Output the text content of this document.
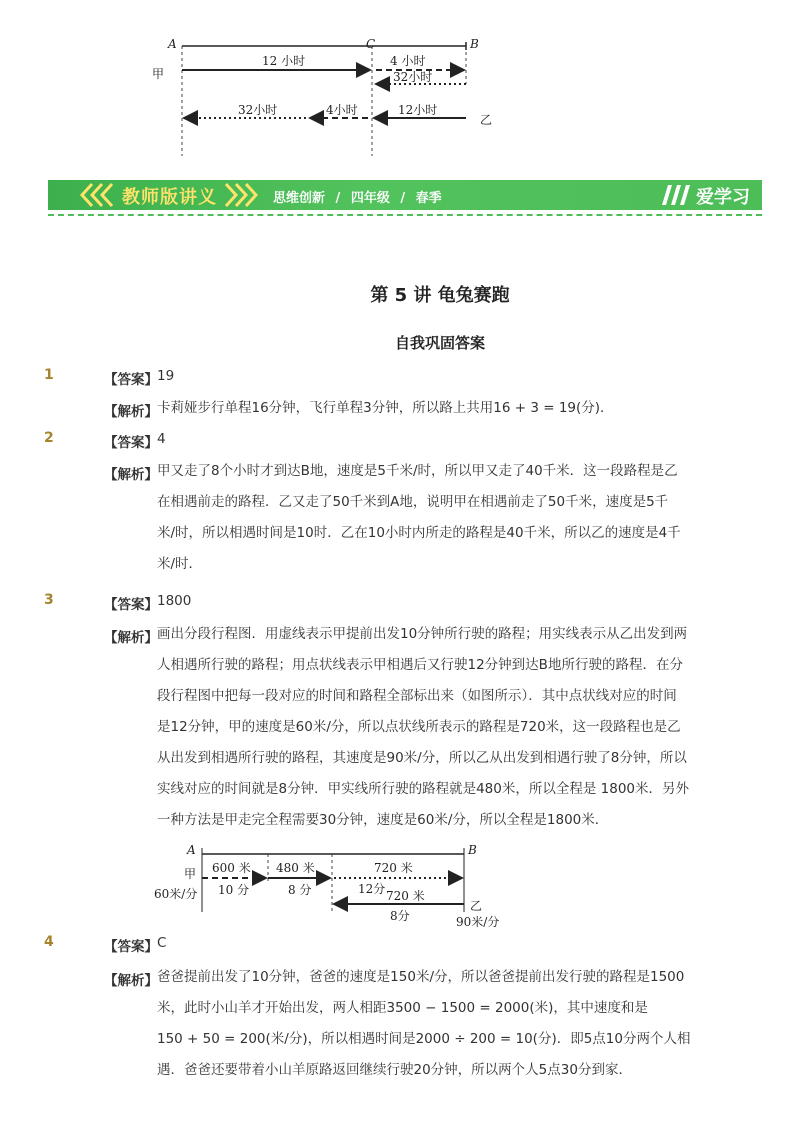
A	C	B
甲
乙
12 小时	4 小时
32小时
12小时
4小时
32小时
教师版讲义	思维创新 / 四年级 / 春季	爱学习
第 5 讲 龟兔赛跑
自我巩固答案
1	【答案】 19
【解析】 卡莉娅步行单程16分钟，飞行单程3分钟，所以路上共用16 + 3 = 19(分)．
2	【答案】 4
【解析】 甲又走了8个小时才到达B地，速度是5千米/时，所以甲又走了40千米．这一段路程是乙
在相遇前走的路程．乙又走了50千米到A地，说明甲在相遇前走了50千米，速度是5千
米/时，所以相遇时间是10时．乙在10小时内所走的路程是40千米，所以乙的速度是4千
米/时．
3	【答案】 1800
【解析】 画出分段行程图．用虚线表示甲提前出发10分钟所行驶的路程；用实线表示从乙出发到两
人相遇所行驶的路程；用点状线表示甲相遇后又行驶12分钟到达B地所行驶的路程．在分
段行程图中把每一段对应的时间和路程全部标出来（如图所示）．其中点状线对应的时间
是12分钟，甲的速度是60米/分，所以点状线所表示的路程是720米，这一段路程也是乙
从出发到相遇所行驶的路程，其速度是90米/分，所以乙从出发到相遇行驶了8分钟，所以
实线对应的时间就是8分钟．甲实线所行驶的路程就是480米，所以全程是 1800米．另外
一种方法是甲走完全程需要30分钟，速度是60米/分，所以全程是1800米．
A	B
甲
60米/分
乙
90米/分
600 米
10 分
480 米
8 分
720 米
12分 720 米
8分
4	【答案】 C
【解析】 爸爸提前出发了10分钟，爸爸的速度是150米/分，所以爸爸提前出发行驶的路程是1500
米，此时小山羊才开始出发，两人相距3500 − 1500 = 2000(米)，其中速度和是
150 + 50 = 200(米/分)，所以相遇时间是2000 ÷ 200 = 10(分)．即5点10分两个人相
遇．爸爸还要带着小山羊原路返回继续行驶20分钟，所以两个人5点30分到家．
